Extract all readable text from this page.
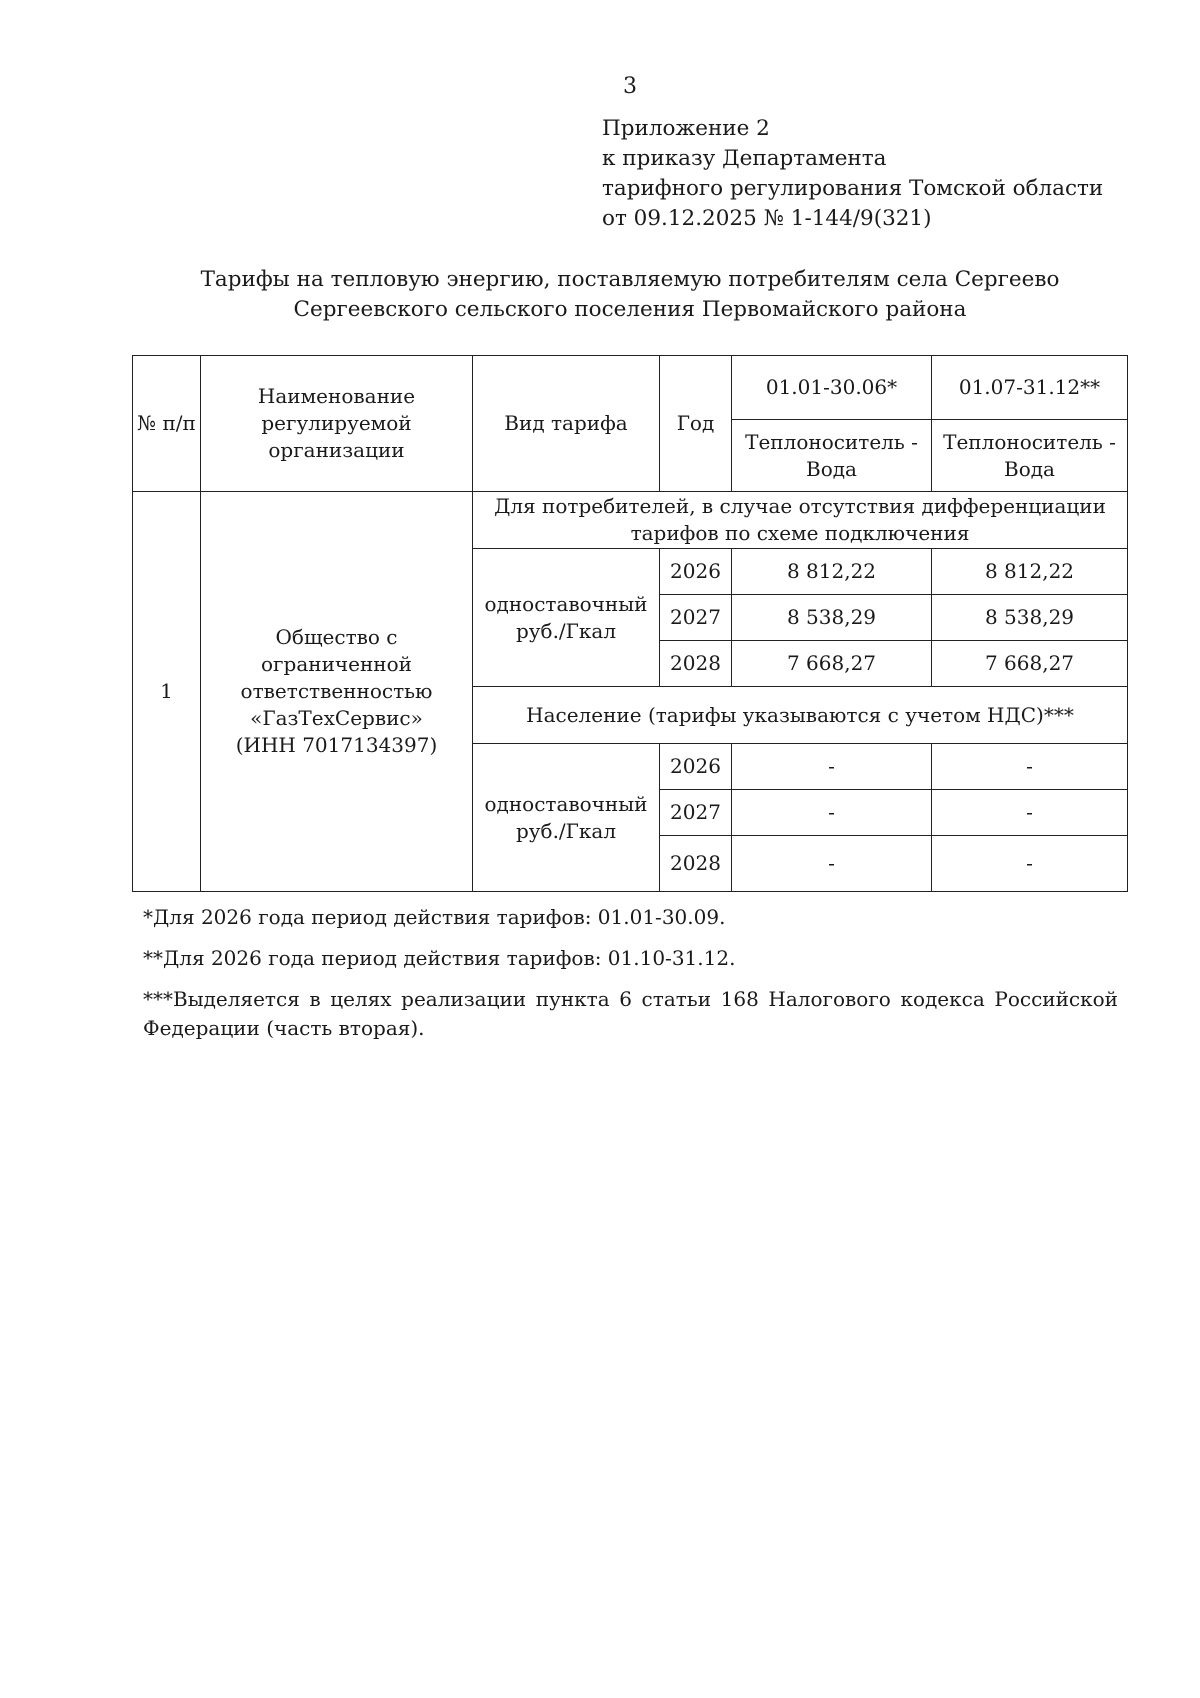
3
Приложение 2
к приказу Департамента
тарифного регулирования Томской области
от 09.12.2025 № 1-144/9(321)
Тарифы на тепловую энергию, поставляемую потребителям села Сергеево
Сергеевского сельского поселения Первомайского района
№ п/п	Наименование регулируемой организации	Вид тарифа	Год	01.01-30.06*	01.07-31.12**
				Теплоноситель - Вода	Теплоноситель - Вода
1	Общество с ограниченной ответственностью «ГазТехСервис» (ИНН 7017134397)	Для потребителей, в случае отсутствия дифференциации тарифов по схеме подключения			
		одноставочный руб./Гкал	2026	8 812,22	8 812,22
			2027	8 538,29	8 538,29
			2028	7 668,27	7 668,27
		Население (тарифы указываются с учетом НДС)***			
		одноставочный руб./Гкал	2026	-	-
			2027	-	-
			2028	-	-

*Для 2026 года период действия тарифов: 01.01-30.09.

**Для 2026 года период действия тарифов: 01.10-31.12.

***Выделяется в целях реализации пункта 6 статьи 168 Налогового кодекса Российской Федерации (часть вторая).
